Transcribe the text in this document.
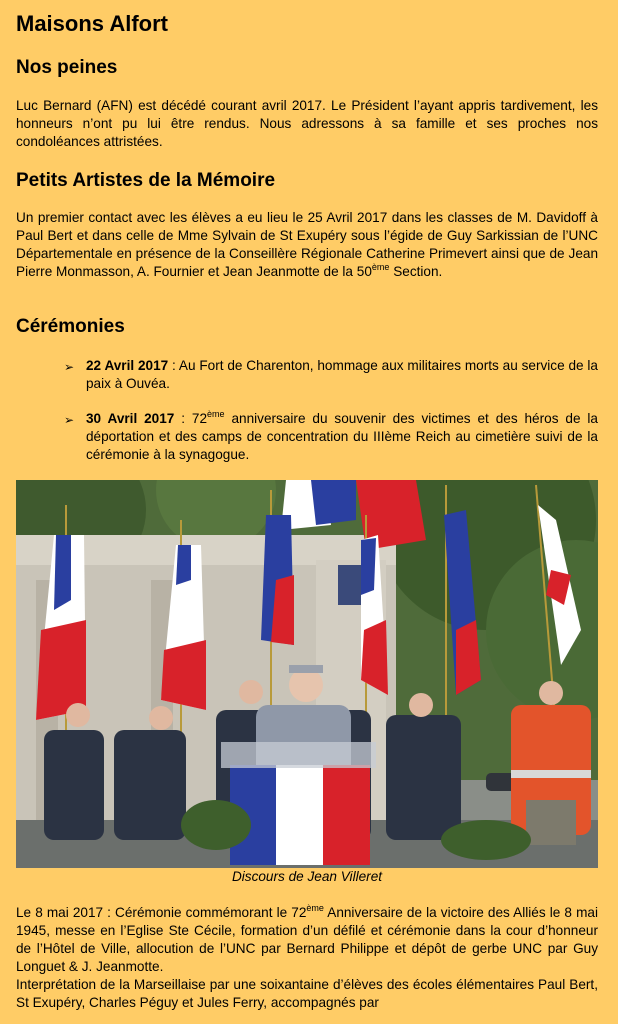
Maisons Alfort
Nos peines

Luc Bernard (AFN) est décédé courant avril 2017. Le Président l’ayant appris tardivement, les honneurs n’ont pu lui être rendus. Nous adressons à sa famille et ses proches nos condoléances attristées.

Petits Artistes de la Mémoire

Un premier contact avec les élèves a eu lieu le 25 Avril 2017 dans les classes de M. Davidoff à Paul Bert et dans celle de Mme Sylvain de St Exupéry sous l’égide de Guy Sarkissian de l’UNC Départementale en présence de la Conseillère Régionale Catherine Primevert ainsi que de Jean Pierre Monmasson, A. Fournier et Jean Jeanmotte de la 50ème Section.

Cérémonies
➢ 22 Avril 2017 : Au Fort de Charenton, hommage aux militaires morts au service de la paix à Ouvéa.
➢ 30 Avril 2017 : 72ème anniversaire du souvenir des victimes et des héros de la déportation et des camps de concentration du IIIème Reich au cimetière suivi de la cérémonie à la synagogue.
Discours de Jean Villeret

Le 8 mai 2017 : Cérémonie commémorant le 72ème Anniversaire de la victoire des Alliés le 8 mai 1945, messe en l’Eglise Ste Cécile, formation d’un défilé et cérémonie dans la cour d’honneur de l’Hôtel de Ville, allocution de l’UNC par Bernard Philippe et dépôt de gerbe UNC par Guy Longuet & J. Jeanmotte.

Interprétation de la Marseillaise par une soixantaine d’élèves des écoles élémentaires Paul Bert, St Exupéry, Charles Péguy et Jules Ferry, accompagnés par
